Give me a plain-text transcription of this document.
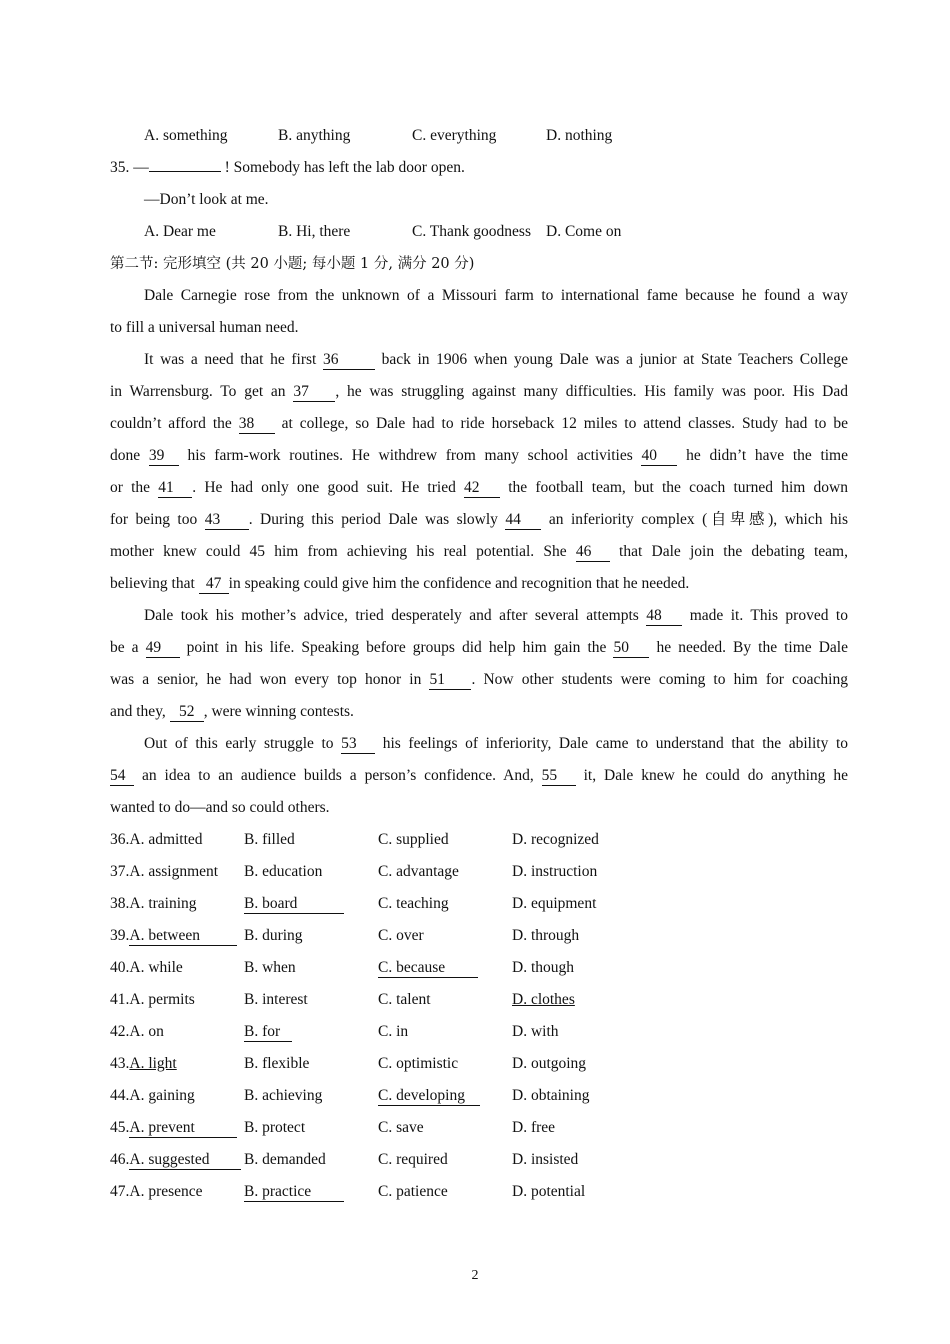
A. something	B. anything	C. everything	D. nothing
35. —	! Somebody has left the lab door open.
—Don’t look at me.
A. Dear me	B. Hi, there	C. Thank goodness D. Come on
第二节: 完形填空 (共 20 小题; 每小题 1 分, 满分 20 分)
Dale Carnegie rose from the unknown of a Missouri farm to international fame because he found a way
to fill a universal human need.
It was a need that he first 36 back in 1906 when young Dale was a junior at State Teachers College
in Warrensburg. To get an 37 , he was struggling against many difficulties. His family was poor. His Dad
couldn’t afford the 38 at college, so Dale had to ride horseback 12 miles to attend classes. Study had to be
done 39 his farm-work routines. He withdrew from many school activities 40 he didn’t have the time
or the 41 . He had only one good suit. He tried 42 the football team, but the coach turned him down
for being too 43 . During this period Dale was slowly 44 an inferiority complex (自卑感), which his
mother knew could 45 him from achieving his real potential. She 46 that Dale join the debating team,
believing that 47 in speaking could give him the confidence and recognition that he needed.
Dale took his mother’s advice, tried desperately and after several attempts 48 made it. This proved to
be a 49 point in his life. Speaking before groups did help him gain the 50 he needed. By the time Dale
was a senior, he had won every top honor in 51 . Now other students were coming to him for coaching
and they, 52 , were winning contests.
Out of this early struggle to 53 his feelings of inferiority, Dale came to understand that the ability to
54 an idea to an audience builds a person’s confidence. And, 55 it, Dale knew he could do anything he
wanted to do—and so could others.
36.A. admitted	B. filled	C. supplied	D. recognized
37.A. assignment	B. education	C. advantage	D. instruction
38.A. training	B. board	C. teaching	D. equipment
39.A. between	B. during	C. over	D. through
40.A. while	B. when	C. because	D. though
41.A. permits	B. interest	C. talent	D. clothes
42.A. on	B. for	C. in	D. with
43.A. light	B. flexible	C. optimistic	D. outgoing
44.A. gaining	B. achieving	C. developing	D. obtaining
45.A. prevent	B. protect	C. save	D. free
46.A. suggested	B. demanded	C. required	D. insisted
47.A. presence	B. practice	C. patience	D. potential
2
